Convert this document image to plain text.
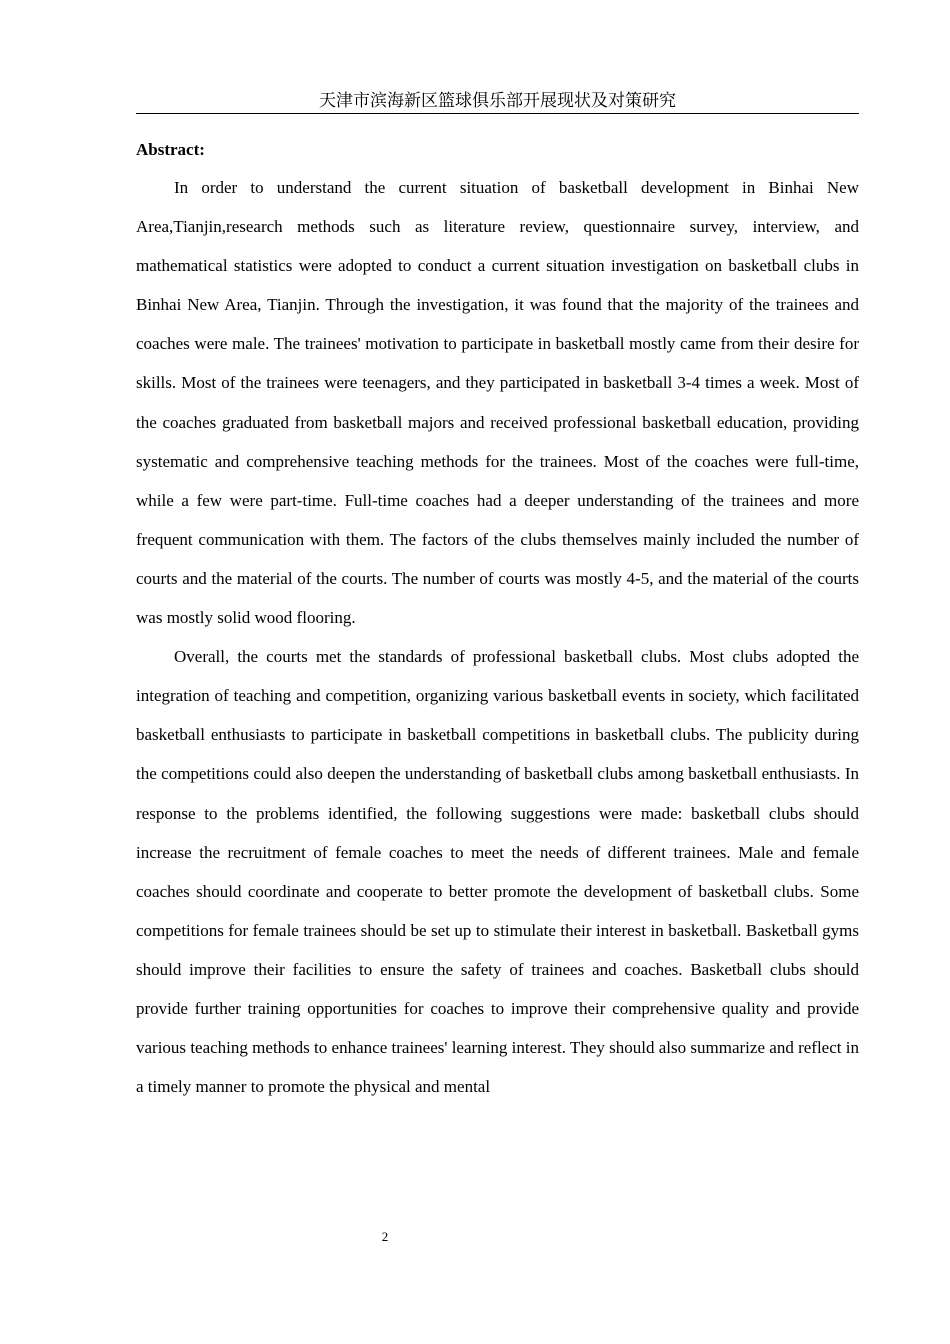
天津市滨海新区篮球俱乐部开展现状及对策研究

Abstract:

In order to understand the current situation of basketball development in Binhai New Area,Tianjin,research methods such as literature review, questionnaire survey, interview, and mathematical statistics were adopted to conduct a current situation investigation on basketball clubs in Binhai New Area, Tianjin. Through the investigation, it was found that the majority of the trainees and coaches were male. The trainees' motivation to participate in basketball mostly came from their desire for skills. Most of the trainees were teenagers, and they participated in basketball 3-4 times a week. Most of the coaches graduated from basketball majors and received professional basketball education, providing systematic and comprehensive teaching methods for the trainees. Most of the coaches were full-time, while a few were part-time. Full-time coaches had a deeper understanding of the trainees and more frequent communication with them. The factors of the clubs themselves mainly included the number of courts and the material of the courts. The number of courts was mostly 4-5, and the material of the courts was mostly solid wood flooring.

Overall, the courts met the standards of professional basketball clubs. Most clubs adopted the integration of teaching and competition, organizing various basketball events in society, which facilitated basketball enthusiasts to participate in basketball competitions in basketball clubs. The publicity during the competitions could also deepen the understanding of basketball clubs among basketball enthusiasts. In response to the problems identified, the following suggestions were made: basketball clubs should increase the recruitment of female coaches to meet the needs of different trainees. Male and female coaches should coordinate and cooperate to better promote the development of basketball clubs. Some competitions for female trainees should be set up to stimulate their interest in basketball. Basketball gyms should improve their facilities to ensure the safety of trainees and coaches. Basketball clubs should provide further training opportunities for coaches to improve their comprehensive quality and provide various teaching methods to enhance trainees' learning interest. They should also summarize and reflect in a timely manner to promote the physical and mental

2
